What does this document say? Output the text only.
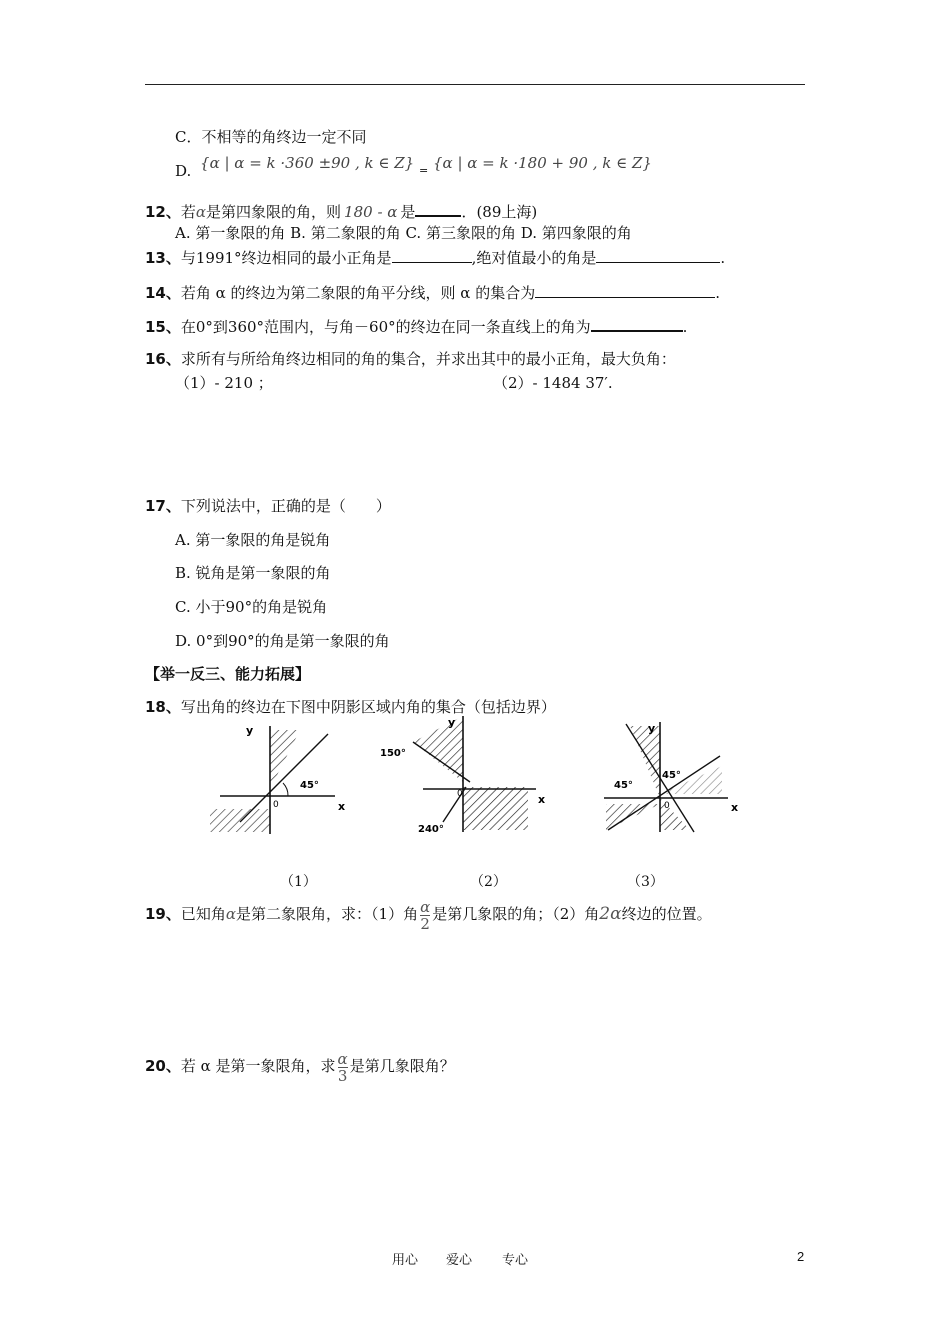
C．不相等的角终边一定不同
D. {α | α = k ·360 ±90 , k ∈ Z} $_=$ {α | α = k ·180 + 90 , k ∈ Z}
12、若α是第四象限的角，则 180 - α 是	．(89上海)
A. 第一象限的角 B. 第二象限的角 C. 第三象限的角 D. 第四象限的角
13、与1991°终边相同的最小正角是	,绝对值最小的角是	.
14、若角 α 的终边为第二象限的角平分线，则 α 的集合为	.
15、在0°到360°范围内，与角－60°的终边在同一条直线上的角为	.
16、求所有与所给角终边相同的角的集合，并求出其中的最小正角，最大负角：
（1）- 210 ；	（2）- 1484 37′.
17、下列说法中，正确的是（　　）
A. 第一象限的角是锐角
B. 锐角是第一象限的角
C. 小于90°的角是锐角
D. 0°到90°的角是第一象限的角
【举一反三、能力拓展】
18、写出角的终边在下图中阴影区域内角的集合（包括边界）
y
x
0
45°
y
x
0
150°
240°
y
x
0
45°
45°
（1）	（2）	（3）
19、已知角α是第二象限角，求：（1）角 $\frac{\alpha}{2}$ 是第几象限的角；（2）角2α终边的位置。
20、若 α 是第一象限角，求 $\frac{\alpha}{3}$ 是第几象限角？
用心 爱心 专心	2
